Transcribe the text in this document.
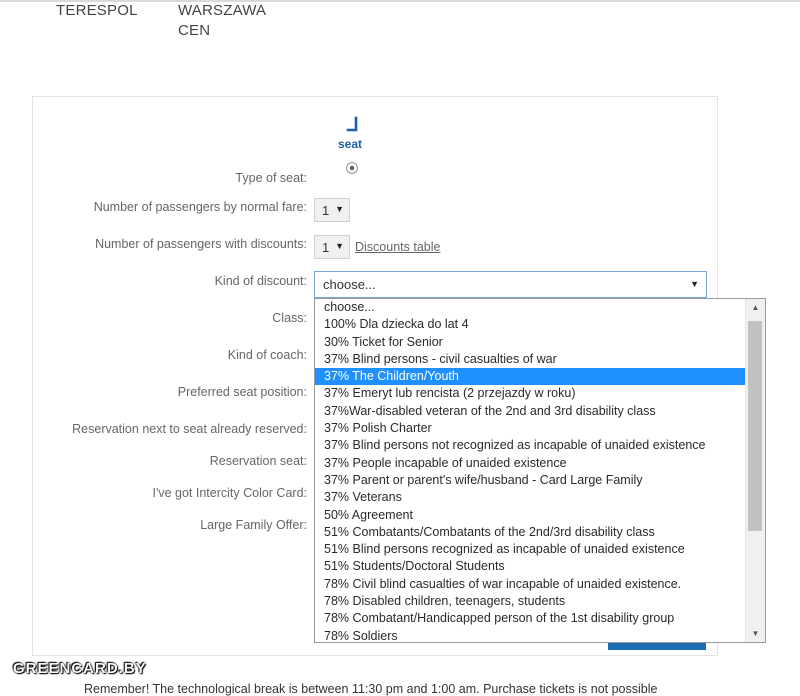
TERESPOL	WARSZAWA
CEN
seat
Type of seat:
Number of passengers by normal fare:	1 ▼
Number of passengers with discounts:	1 ▼ Discounts table
Kind of discount:	choose...	▼
Class:
Kind of coach:
Preferred seat position:
Reservation next to seat already reserved:
Reservation seat:
I've got Intercity Color Card:
Large Family Offer:
choose...
100% Dla dziecka do lat 4
30% Ticket for Senior
37% Blind persons - civil casualties of war
37% The Children/Youth
37% Emeryt lub rencista (2 przejazdy w roku)
37%War-disabled veteran of the 2nd and 3rd disability class
37% Polish Charter
37% Blind persons not recognized as incapable of unaided existence
37% People incapable of unaided existence
37% Parent or parent's wife/husband - Card Large Family
37% Veterans
50% Agreement
51% Combatants/Combatants of the 2nd/3rd disability class
51% Blind persons recognized as incapable of unaided existence
51% Students/Doctoral Students
78% Civil blind casualties of war incapable of unaided existence.
78% Disabled children, teenagers, students
78% Combatant/Handicapped person of the 1st disability group
78% Soldiers
▲
▼
GREENCARD.BY
Remember! The technological break is between 11:30 pm and 1:00 am. Purchase tickets is not possible
